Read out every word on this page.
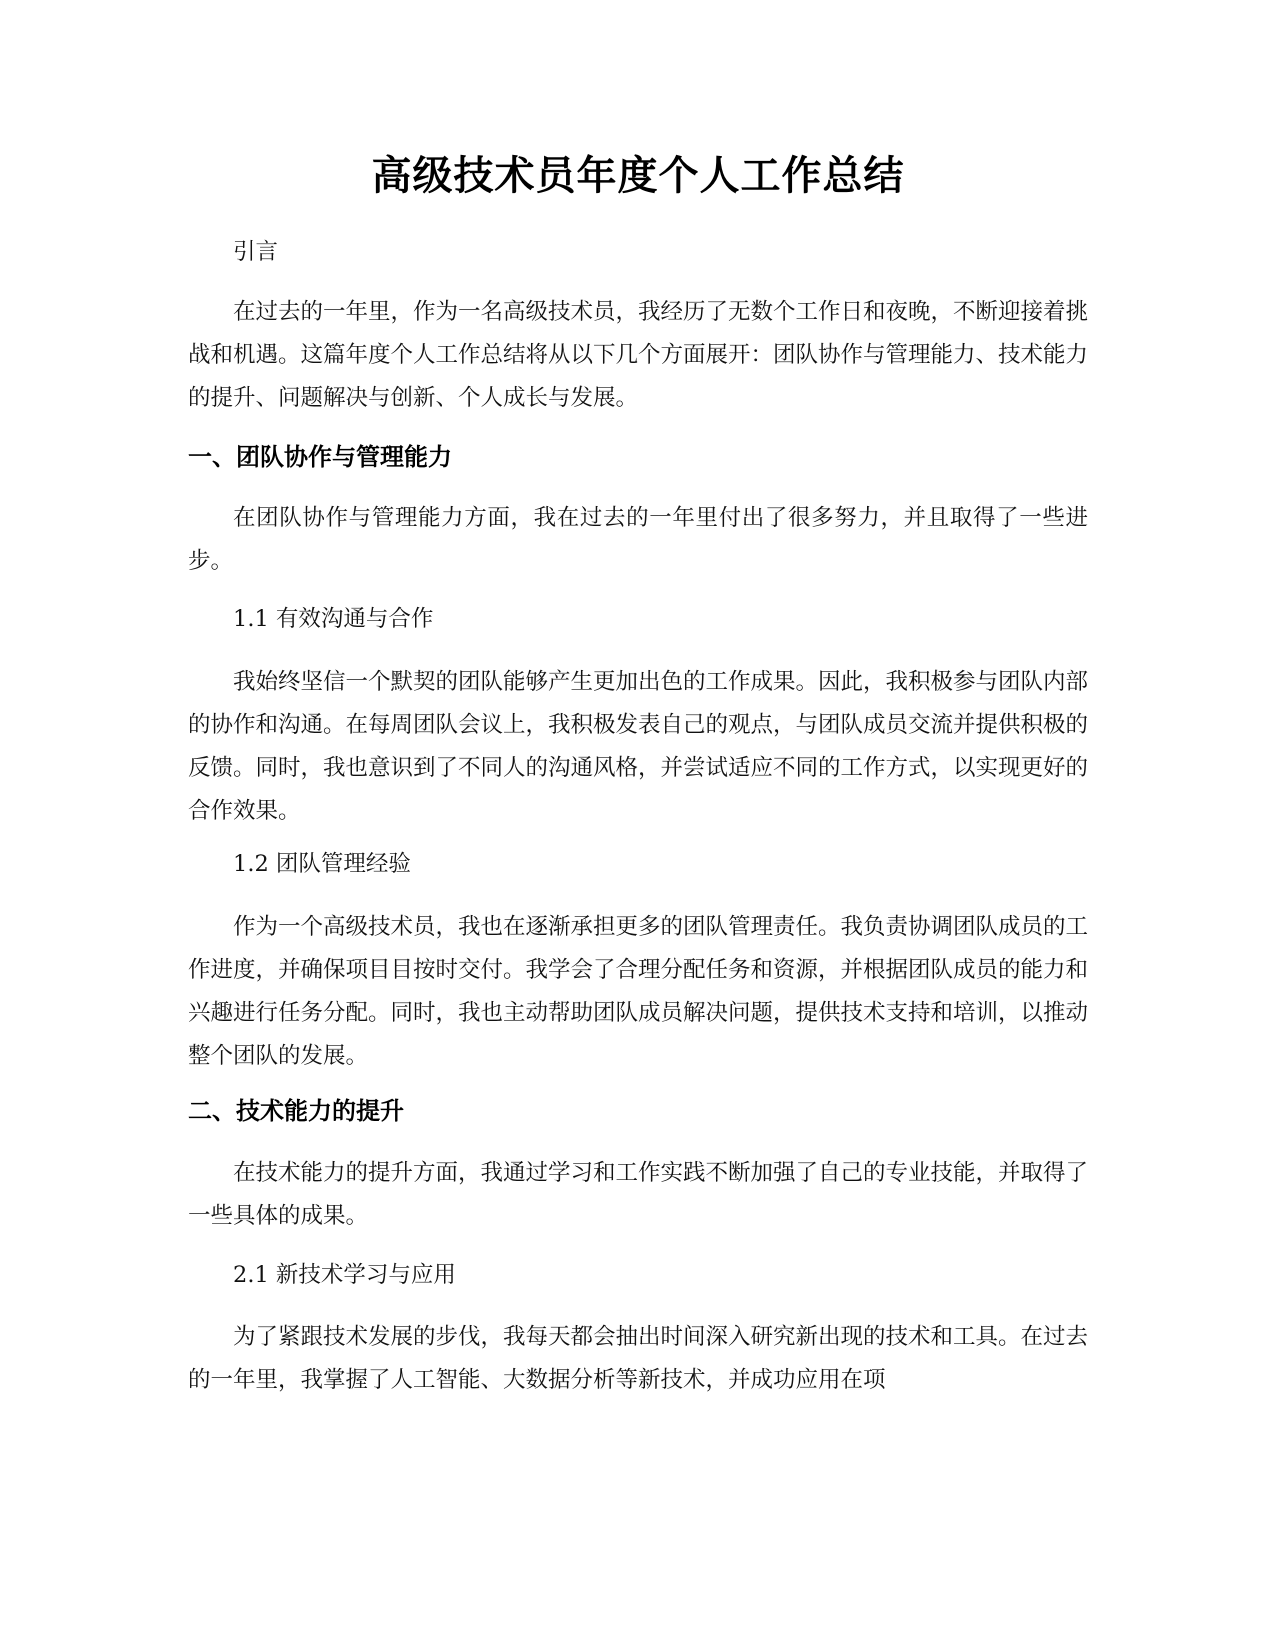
高级技术员年度个人工作总结

引言

在过去的一年里，作为一名高级技术员，我经历了无数个工作日和夜晚，不断迎接着挑战和机遇。这篇年度个人工作总结将从以下几个方面展开：团队协作与管理能力、技术能力的提升、问题解决与创新、个人成长与发展。

一、团队协作与管理能力

在团队协作与管理能力方面，我在过去的一年里付出了很多努力，并且取得了一些进步。

1.1 有效沟通与合作

我始终坚信一个默契的团队能够产生更加出色的工作成果。因此，我积极参与团队内部的协作和沟通。在每周团队会议上，我积极发表自己的观点，与团队成员交流并提供积极的反馈。同时，我也意识到了不同人的沟通风格，并尝试适应不同的工作方式，以实现更好的合作效果。

1.2 团队管理经验

作为一个高级技术员，我也在逐渐承担更多的团队管理责任。我负责协调团队成员的工作进度，并确保项目目按时交付。我学会了合理分配任务和资源，并根据团队成员的能力和兴趣进行任务分配。同时，我也主动帮助团队成员解决问题，提供技术支持和培训，以推动整个团队的发展。

二、技术能力的提升

在技术能力的提升方面，我通过学习和工作实践不断加强了自己的专业技能，并取得了一些具体的成果。

2.1 新技术学习与应用

为了紧跟技术发展的步伐，我每天都会抽出时间深入研究新出现的技术和工具。在过去的一年里，我掌握了人工智能、大数据分析等新技术，并成功应用在项
